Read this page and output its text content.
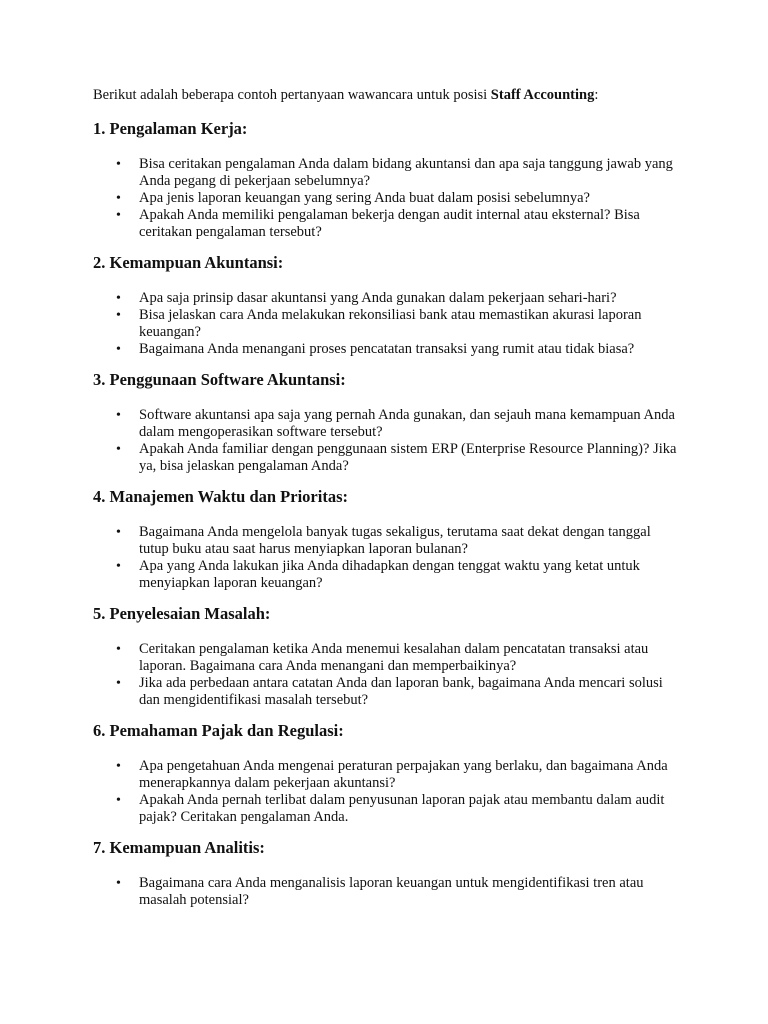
Berikut adalah beberapa contoh pertanyaan wawancara untuk posisi Staff Accounting:

1. Pengalaman Kerja:
• Bisa ceritakan pengalaman Anda dalam bidang akuntansi dan apa saja tanggung jawab yang Anda pegang di pekerjaan sebelumnya?
• Apa jenis laporan keuangan yang sering Anda buat dalam posisi sebelumnya?
• Apakah Anda memiliki pengalaman bekerja dengan audit internal atau eksternal? Bisa ceritakan pengalaman tersebut?
2. Kemampuan Akuntansi:
• Apa saja prinsip dasar akuntansi yang Anda gunakan dalam pekerjaan sehari-hari?
• Bisa jelaskan cara Anda melakukan rekonsiliasi bank atau memastikan akurasi laporan keuangan?
• Bagaimana Anda menangani proses pencatatan transaksi yang rumit atau tidak biasa?
3. Penggunaan Software Akuntansi:
• Software akuntansi apa saja yang pernah Anda gunakan, dan sejauh mana kemampuan Anda dalam mengoperasikan software tersebut?
• Apakah Anda familiar dengan penggunaan sistem ERP (Enterprise Resource Planning)? Jika ya, bisa jelaskan pengalaman Anda?
4. Manajemen Waktu dan Prioritas:
• Bagaimana Anda mengelola banyak tugas sekaligus, terutama saat dekat dengan tanggal tutup buku atau saat harus menyiapkan laporan bulanan?
• Apa yang Anda lakukan jika Anda dihadapkan dengan tenggat waktu yang ketat untuk menyiapkan laporan keuangan?
5. Penyelesaian Masalah:
• Ceritakan pengalaman ketika Anda menemui kesalahan dalam pencatatan transaksi atau laporan. Bagaimana cara Anda menangani dan memperbaikinya?
• Jika ada perbedaan antara catatan Anda dan laporan bank, bagaimana Anda mencari solusi dan mengidentifikasi masalah tersebut?
6. Pemahaman Pajak dan Regulasi:
• Apa pengetahuan Anda mengenai peraturan perpajakan yang berlaku, dan bagaimana Anda menerapkannya dalam pekerjaan akuntansi?
• Apakah Anda pernah terlibat dalam penyusunan laporan pajak atau membantu dalam audit pajak? Ceritakan pengalaman Anda.
7. Kemampuan Analitis:
• Bagaimana cara Anda menganalisis laporan keuangan untuk mengidentifikasi tren atau masalah potensial?
